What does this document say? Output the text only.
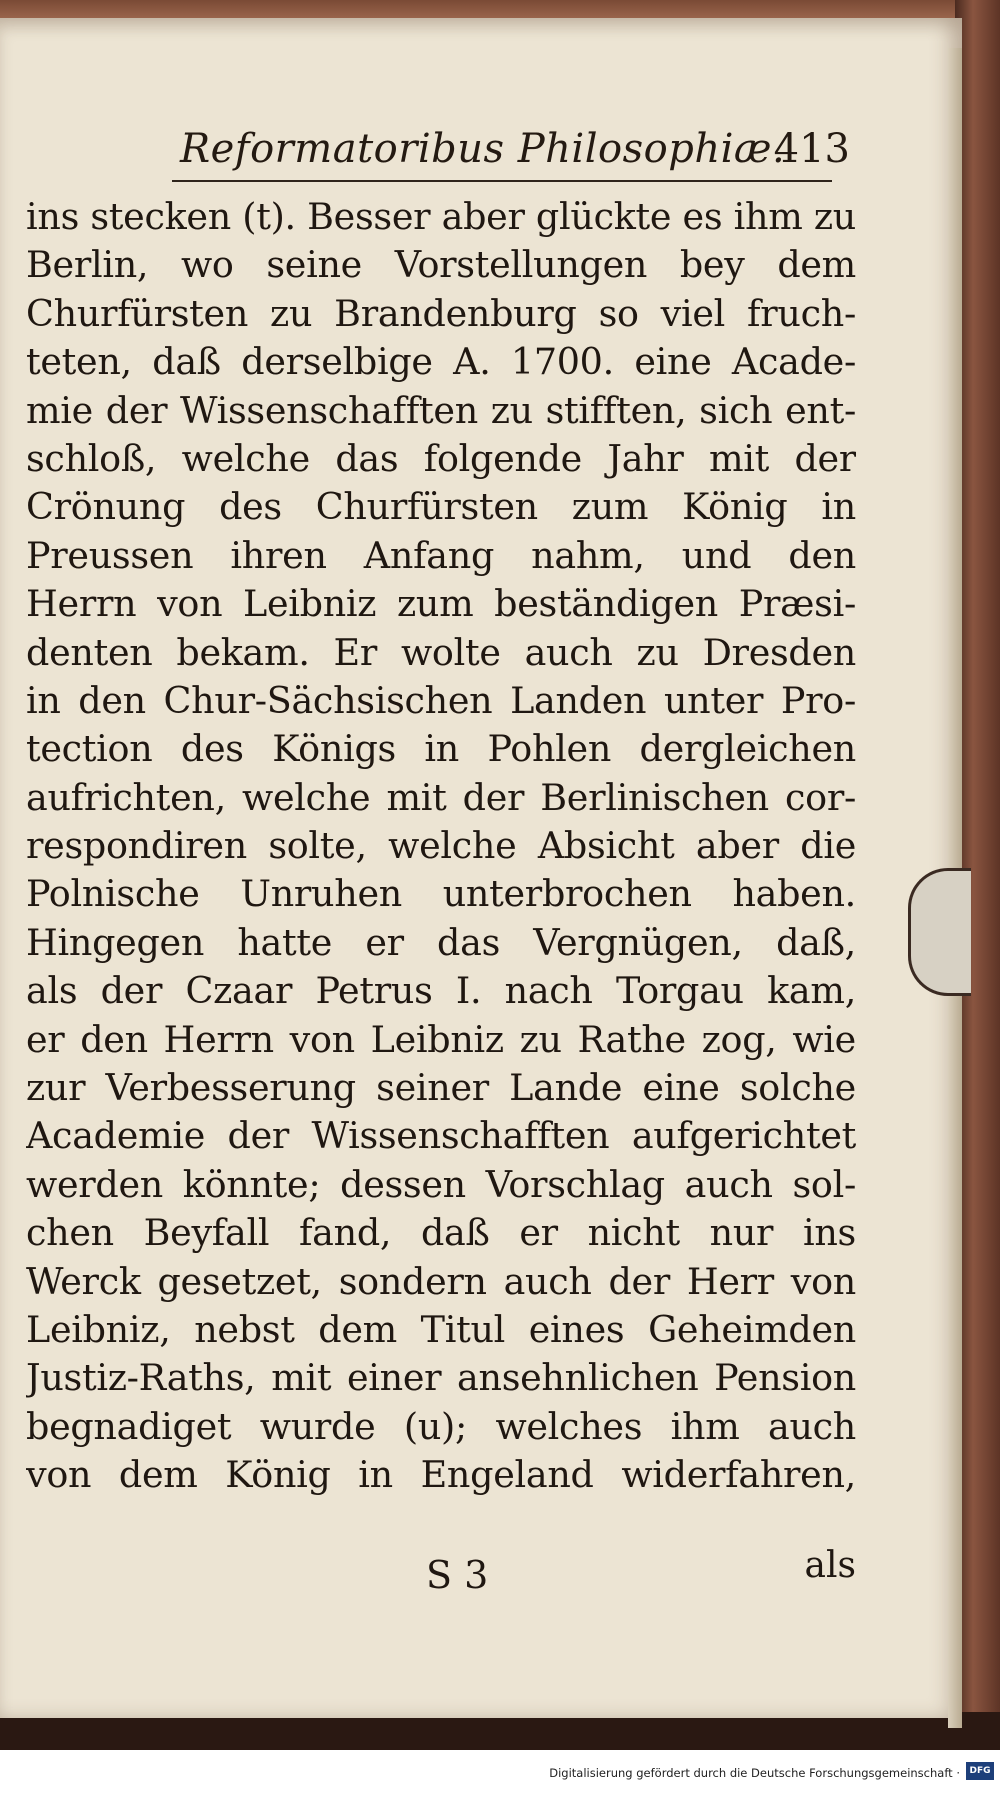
Reformatoribus Philosophiæ.
413
ins stecken (t). Besser aber glückte es ihm zu
Berlin, wo seine Vorstellungen bey dem
Churfürsten zu Brandenburg so viel fruch-
teten, daß derselbige A. 1700. eine Acade-
mie der Wissenschafften zu stifften, sich ent-
schloß, welche das folgende Jahr mit der
Crönung des Churfürsten zum König in
Preussen ihren Anfang nahm, und den
Herrn von Leibniz zum beständigen Præsi-
denten bekam. Er wolte auch zu Dresden
in den Chur-Sächsischen Landen unter Pro-
tection des Königs in Pohlen dergleichen
aufrichten, welche mit der Berlinischen cor-
respondiren solte, welche Absicht aber die
Polnische Unruhen unterbrochen haben.
Hingegen hatte er das Vergnügen, daß,
als der Czaar Petrus I. nach Torgau kam,
er den Herrn von Leibniz zu Rathe zog, wie
zur Verbesserung seiner Lande eine solche
Academie der Wissenschafften aufgerichtet
werden könnte; dessen Vorschlag auch sol-
chen Beyfall fand, daß er nicht nur ins
Werck gesetzet, sondern auch der Herr von
Leibniz, nebst dem Titul eines Geheimden
Justiz-Raths, mit einer ansehnlichen Pension
begnadiget wurde (u); welches ihm auch
von dem König in Engeland widerfahren,
S 3	als
Digitalisierung gefördert durch die Deutsche Forschungsgemeinschaft ·	DFG
